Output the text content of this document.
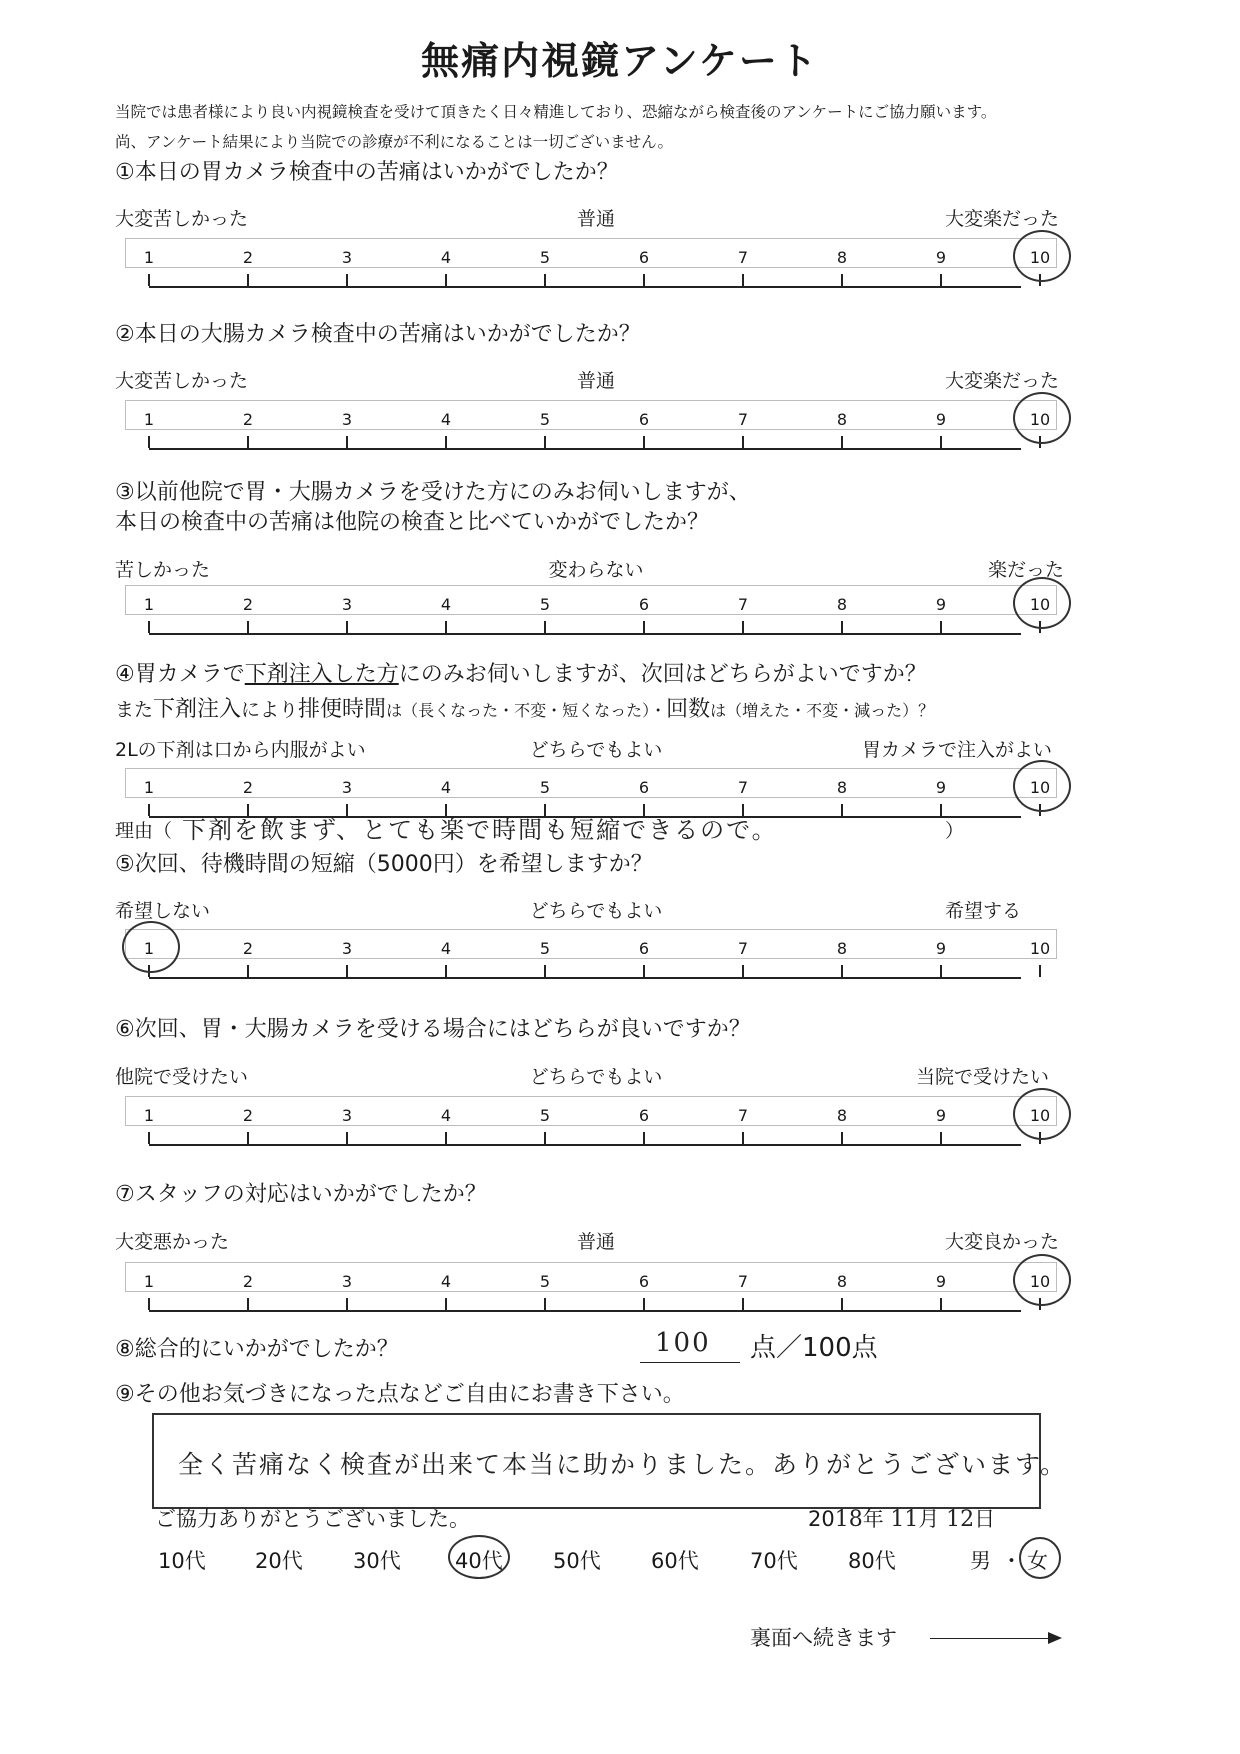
無痛内視鏡アンケート
当院では患者様により良い内視鏡検査を受けて頂きたく日々精進しており、恐縮ながら検査後のアンケートにご協力願います。
尚、アンケート結果により当院での診療が不利になることは一切ございません。
①本日の胃カメラ検査中の苦痛はいかがでしたか？
大変苦しかった	普通	大変楽だった
1	2	3	4	5	6	7	8	9	10
②本日の大腸カメラ検査中の苦痛はいかがでしたか？
大変苦しかった	普通	大変楽だった
1	2	3	4	5	6	7	8	9	10
③以前他院で胃・大腸カメラを受けた方にのみお伺いしますが、
本日の検査中の苦痛は他院の検査と比べていかがでしたか？
苦しかった	変わらない	楽だった
1	2	3	4	5	6	7	8	9	10
④胃カメラで下剤注入した方にのみお伺いしますが、次回はどちらがよいですか？
また下剤注入により排便時間は（長くなった・不変・短くなった）・回数は（増えた・不変・減った）？
2Lの下剤は口から内服がよい	どちらでもよい	胃カメラで注入がよい
1	2	3	4	5	6	7	8	9	10
理由（ 下剤を飲まず、とても楽で時間も短縮できるので。	）
⑤次回、待機時間の短縮（5000円）を希望しますか？
希望しない	どちらでもよい	希望する
1	2	3	4	5	6	7	8	9	10
⑥次回、胃・大腸カメラを受ける場合にはどちらが良いですか？
他院で受けたい	どちらでもよい	当院で受けたい
1	2	3	4	5	6	7	8	9	10
⑦スタッフの対応はいかがでしたか？
大変悪かった	普通	大変良かった
1	2	3	4	5	6	7	8	9	10
⑧総合的にいかがでしたか？	100 点／100点
⑨その他お気づきになった点などご自由にお書き下さい。
全く苦痛なく検査が出来て本当に助かりました。ありがとうございます。
ご協力ありがとうございました。	2018年 11月 12日
10代 20代 30代	40代 50代 60代 70代 80代	男 ・ 女
裏面へ続きます
